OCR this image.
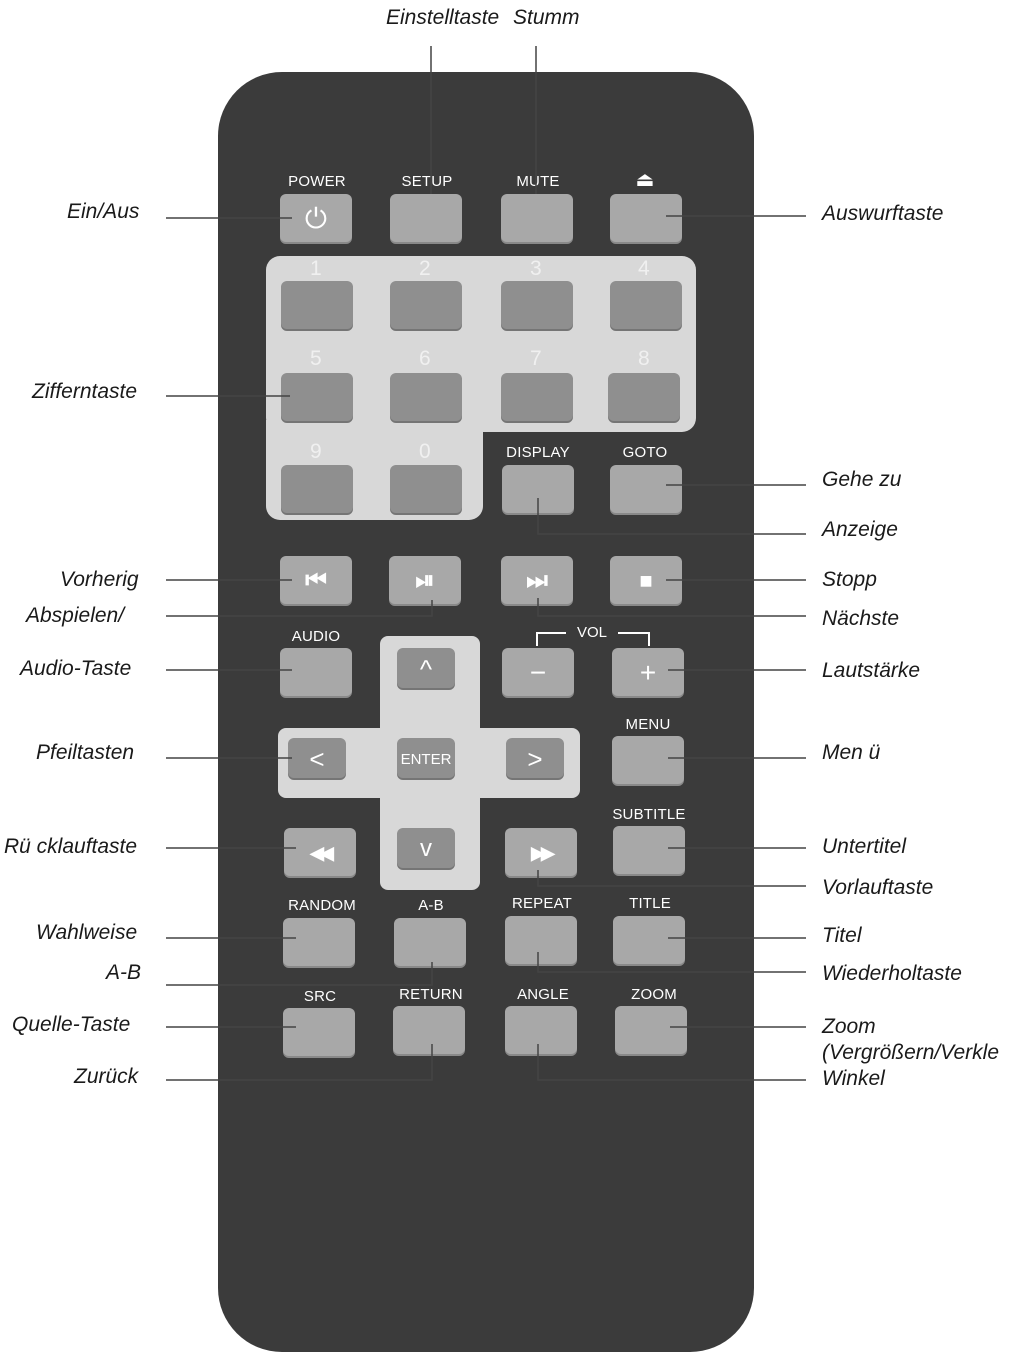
Einstelltaste Stumm
POWER	SETUP	MUTE	⏏
⏻
1	2	3	4
5	6	7	8
9	0	DISPLAY	GOTO
⏮	⏯	⏭	■
AUDIO	VOL
−	+
^
<	ENTER	>
v
MENU
SUBTITLE
◀◀	▶▶
RANDOM	A-B	REPEAT	TITLE
SRC	RETURN	ANGLE	ZOOM
Ein/Aus
Zifferntaste
Vorherig
Abspielen/
Audio-Taste
Pfeiltasten
Rü cklauftaste
Wahlweise
A-B
Quelle-Taste
Zurück
Auswurftaste
Gehe zu
Anzeige
Stopp
Nächste
Lautstärke
Men ü
Untertitel
Vorlauftaste
Titel
Wiederholtaste
Zoom
(Vergrößern/Verkle
Winkel
